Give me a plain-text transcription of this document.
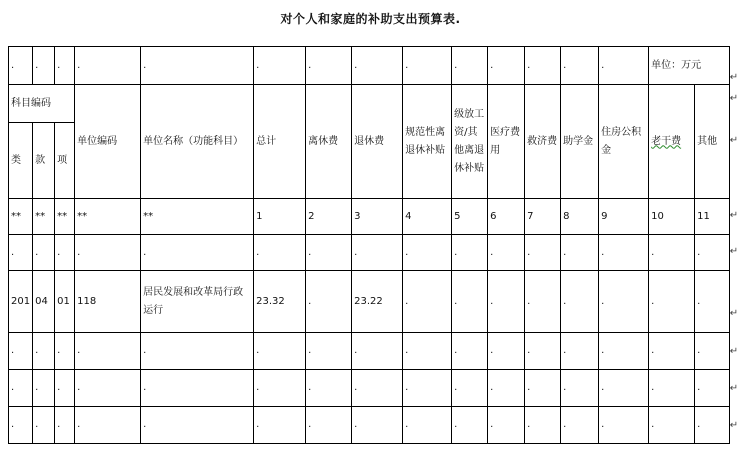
对个人和家庭的补助支出预算表.
.	.	.	.	.	.	.	.	.	.	.	.	.	.	单位：万元	
科目编码			单位编码	单位名称（功能科目）	总计	离休费	退休费	规范性离退休补贴	级放工资/其他离退休补贴	医疗费用	救济费	助学金	住房公积金	老干费	其他
类	款	项													
**	**	**	**	**	1	2	3	4	5	6	7	8	9	10	11
.	.	.	.	.	.	.	.	.	.	.	.	.	.	.	.
201	04	01	118	居民发展和改革局行政运行	23.32	.	23.22	.	.	.	.	.	.	.	.
.	.	.	.	.	.	.	.	.	.	.	.	.	.	.	.
.	.	.	.	.	.	.	.	.	.	.	.	.	.	.	.
.	.	.	.	.	.	.	.	.	.	.	.	.	.	.	.
↵
↵
↵
↵
↵
↵
↵
↵
↵
